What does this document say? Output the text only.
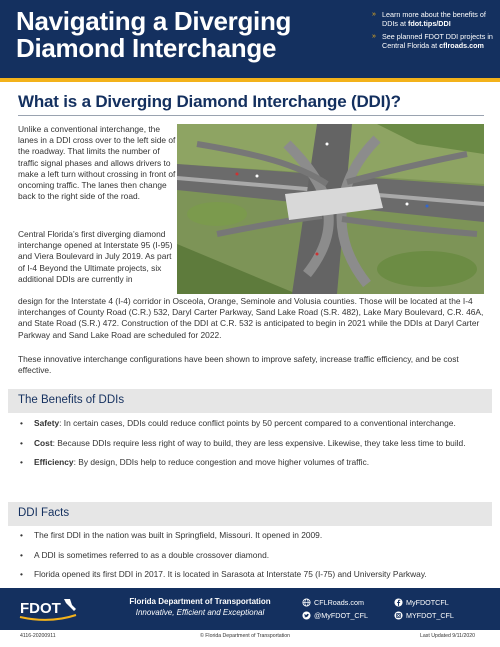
Navigating a Diverging Diamond Interchange
» Learn more about the benefits of DDIs at fdot.tips/DDI
» See planned FDOT DDI projects in Central Florida at cflroads.com
What is a Diverging Diamond Interchange (DDI)?
Unlike a conventional interchange, the lanes in a DDI cross over to the left side of the roadway. That limits the number of traffic signal phases and allows drivers to make a left turn without crossing in front of oncoming traffic. The lanes then change back to the right side of the road.
Central Florida’s first diverging diamond interchange opened at Interstate 95 (I-95) and Viera Boulevard in July 2019. As part of I-4 Beyond the Ultimate projects, six additional DDIs are currently in
design for the Interstate 4 (I-4) corridor in Osceola, Orange, Seminole and Volusia counties. Those will be located at the I-4 interchanges of County Road (C.R.) 532, Daryl Carter Parkway, Sand Lake Road (S.R. 482), Lake Mary Boulevard, C.R. 46A, and State Road (S.R.) 472. Construction of the DDI at C.R. 532 is anticipated to begin in 2021 while the DDIs at Daryl Carter Parkway and Sand Lake Road are scheduled for 2022.
These innovative interchange configurations have been shown to improve safety, increase traffic efficiency, and be cost effective.
The Benefits of DDIs
• Safety: In certain cases, DDIs could reduce conflict points by 50 percent compared to a conventional interchange.
• Cost: Because DDIs require less right of way to build, they are less expensive. Likewise, they take less time to build.
• Efficiency: By design, DDIs help to reduce congestion and move higher volumes of traffic.
DDI Facts
• The first DDI in the nation was built in Springfield, Missouri. It opened in 2009.
• A DDI is sometimes referred to as a double crossover diamond.
• Florida opened its first DDI in 2017. It is located in Sarasota at Interstate 75 (I-75) and University Parkway.
FDOT	Florida Department of Transportation
Innovative, Efficient and Exceptional
CFLRoads.com
@MyFDOT_CFL
MyFDOTCFL
MYFDOT_CFL
4116-20200911	© Florida Department of Transportation	Last Updated 9/11/2020
